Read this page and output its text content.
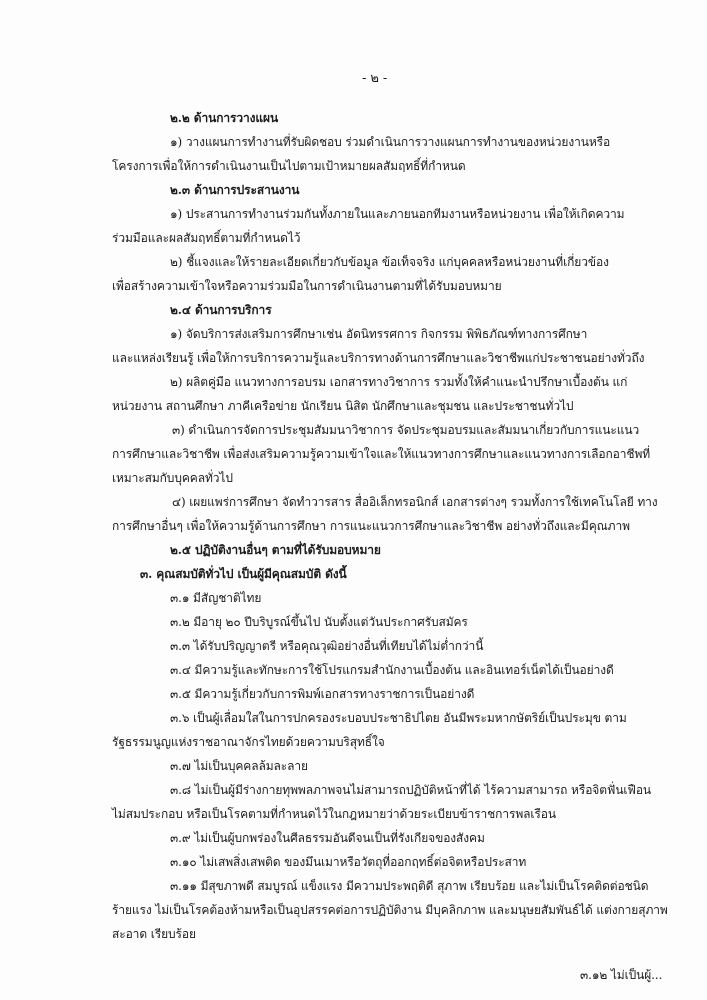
- ๒ -
๒.๒ ด้านการวางแผน
๑) วางแผนการทำงานที่รับผิดชอบ ร่วมดำเนินการวางแผนการทำงานของหน่วยงานหรือ
โครงการเพื่อให้การดำเนินงานเป็นไปตามเป้าหมายผลสัมฤทธิ์ที่กำหนด
๒.๓ ด้านการประสานงาน
๑) ประสานการทำงานร่วมกันทั้งภายในและภายนอกทีมงานหรือหน่วยงาน เพื่อให้เกิดความ
ร่วมมือและผลสัมฤทธิ์ตามที่กำหนดไว้
๒) ชี้แจงและให้รายละเอียดเกี่ยวกับข้อมูล ข้อเท็จจริง แก่บุคคลหรือหน่วยงานที่เกี่ยวข้อง
เพื่อสร้างความเข้าใจหรือความร่วมมือในการดำเนินงานตามที่ได้รับมอบหมาย
๒.๔ ด้านการบริการ
๑) จัดบริการส่งเสริมการศึกษาเช่น อัดนิทรรศการ กิจกรรม พิพิธภัณฑ์ทางการศึกษา
และแหล่งเรียนรู้ เพื่อให้การบริการความรู้และบริการทางด้านการศึกษาและวิชาชีพแก่ประชาชนอย่างทั่วถึง
๒) ผลิตคู่มือ แนวทางการอบรม เอกสารทางวิชาการ รวมทั้งให้คำแนะนำปรึกษาเบื้องต้น แก่
หน่วยงาน สถานศึกษา ภาคีเครือข่าย นักเรียน นิสิต นักศึกษาและชุมชน และประชาชนทั่วไป
๓) ดำเนินการจัดการประชุมสัมมนาวิชาการ จัดประชุมอบรมและสัมมนาเกี่ยวกับการแนะแนว
การศึกษาและวิชาชีพ เพื่อส่งเสริมความรู้ความเข้าใจและให้แนวทางการศึกษาและแนวทางการเลือกอาชีพที่
เหมาะสมกับบุคคลทั่วไป
๔) เผยแพร่การศึกษา จัดทำวารสาร สื่ออิเล็กทรอนิกส์ เอกสารต่างๆ รวมทั้งการใช้เทคโนโลยี ทาง
การศึกษาอื่นๆ เพื่อให้ความรู้ด้านการศึกษา การแนะแนวการศึกษาและวิชาชีพ อย่างทั่วถึงและมีคุณภาพ
๒.๕ ปฏิบัติงานอื่นๆ ตามที่ได้รับมอบหมาย
๓. คุณสมบัติทั่วไป เป็นผู้มีคุณสมบัติ ดังนี้
๓.๑ มีสัญชาติไทย
๓.๒ มีอายุ ๒๐ ปีบริบูรณ์ขึ้นไป นับตั้งแต่วันประกาศรับสมัคร
๓.๓ ได้รับปริญญาตรี หรือคุณวุฒิอย่างอื่นที่เทียบได้ไม่ต่ำกว่านี้
๓.๔ มีความรู้และทักษะการใช้โปรแกรมสำนักงานเบื้องต้น และอินเทอร์เน็ตได้เป็นอย่างดี
๓.๕ มีความรู้เกี่ยวกับการพิมพ์เอกสารทางราชการเป็นอย่างดี
๓.๖ เป็นผู้เลื่อมใสในการปกครองระบอบประชาธิปไตย อันมีพระมหากษัตริย์เป็นประมุข ตาม
รัฐธรรมนูญแห่งราชอาณาจักรไทยด้วยความบริสุทธิ์ใจ
๓.๗ ไม่เป็นบุคคลล้มละลาย
๓.๘ ไม่เป็นผู้มีร่างกายทุพพลภาพจนไม่สามารถปฏิบัติหน้าที่ได้ ไร้ความสามารถ หรือจิตฟั่นเฟือน
ไม่สมประกอบ หรือเป็นโรคตามที่กำหนดไว้ในกฎหมายว่าด้วยระเบียบข้าราชการพลเรือน
๓.๙ ไม่เป็นผู้บกพร่องในศีลธรรมอันดีจนเป็นที่รังเกียจของสังคม
๓.๑๐ ไม่เสพสิ่งเสพติด ของมึนเมาหรือวัตถุที่ออกฤทธิ์ต่อจิตหรือประสาท
๓.๑๑ มีสุขภาพดี สมบูรณ์ แข็งแรง มีความประพฤติดี สุภาพ เรียบร้อย และไม่เป็นโรคติดต่อชนิด
ร้ายแรง ไม่เป็นโรคต้องห้ามหรือเป็นอุปสรรคต่อการปฏิบัติงาน มีบุคลิกภาพ และมนุษยสัมพันธ์ได้ แต่งกายสุภาพ
สะอาด เรียบร้อย
๓.๑๒ ไม่เป็นผู้...
